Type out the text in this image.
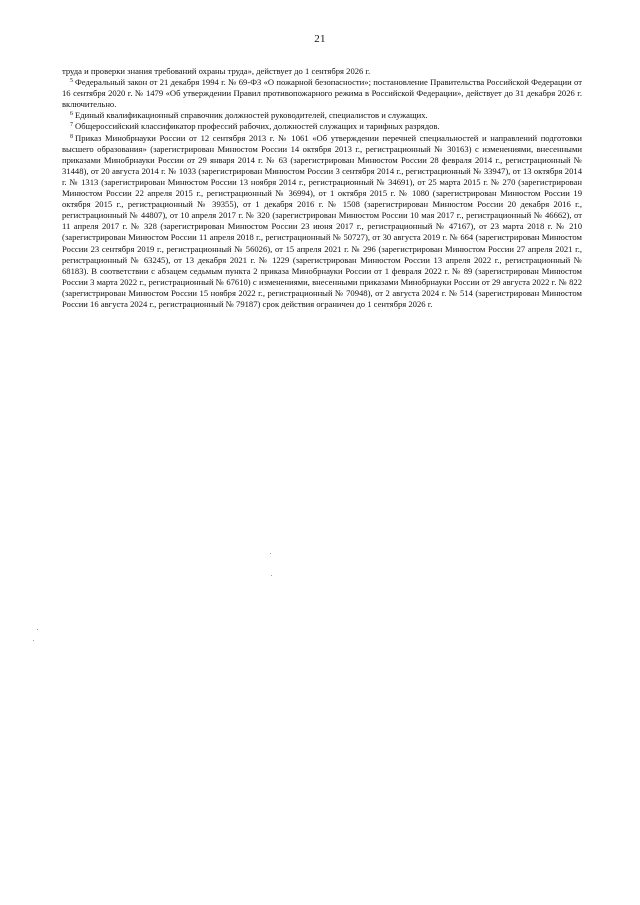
21

труда и проверки знания требований охраны труда», действует до 1 сентября 2026 г.

$^5$ Федеральный закон от 21 декабря 1994 г. № 69-ФЗ «О пожарной безопасности»; постановление Правительства Российской Федерации от 16 сентября 2020 г. № 1479 «Об утверждении Правил противопожарного режима в Российской Федерации», действует до 31 декабря 2026 г. включительно.

$^6$ Единый квалификационный справочник должностей руководителей, специалистов и служащих.

$^7$ Общероссийский классификатор профессий рабочих, должностей служащих и тарифных разрядов.

$^8$ Приказ Минобрнауки России от 12 сентября 2013 г. № 1061 «Об утверждении перечней специальностей и направлений подготовки высшего образования» (зарегистрирован Минюстом России 14 октября 2013 г., регистрационный № 30163) с изменениями, внесенными приказами Минобрнауки России от 29 января 2014 г. № 63 (зарегистрирован Минюстом России 28 февраля 2014 г., регистрационный № 31448), от 20 августа 2014 г. № 1033 (зарегистрирован Минюстом России 3 сентября 2014 г., регистрационный № 33947), от 13 октября 2014 г. № 1313 (зарегистрирован Минюстом России 13 ноября 2014 г., регистрационный № 34691), от 25 марта 2015 г. № 270 (зарегистрирован Минюстом России 22 апреля 2015 г., регистрационный № 36994), от 1 октября 2015 г. № 1080 (зарегистрирован Минюстом России 19 октября 2015 г., регистрационный № 39355), от 1 декабря 2016 г. № 1508 (зарегистрирован Минюстом России 20 декабря 2016 г., регистрационный № 44807), от 10 апреля 2017 г. № 320 (зарегистрирован Минюстом России 10 мая 2017 г., регистрационный № 46662), от 11 апреля 2017 г. № 328 (зарегистрирован Минюстом России 23 июня 2017 г., регистрационный № 47167), от 23 марта 2018 г. № 210 (зарегистрирован Минюстом России 11 апреля 2018 г., регистрационный № 50727), от 30 августа 2019 г. № 664 (зарегистрирован Минюстом России 23 сентября 2019 г., регистрационный № 56026), от 15 апреля 2021 г. № 296 (зарегистрирован Минюстом России 27 апреля 2021 г., регистрационный № 63245), от 13 декабря 2021 г. № 1229 (зарегистрирован Минюстом России 13 апреля 2022 г., регистрационный № 68183). В соответствии с абзацем седьмым пункта 2 приказа Минобрнауки России от 1 февраля 2022 г. № 89 (зарегистрирован Минюстом России 3 марта 2022 г., регистрационный № 67610) с изменениями, внесенными приказами Минобрнауки России от 29 августа 2022 г. № 822 (зарегистрирован Минюстом России 15 ноября 2022 г., регистрационный № 70948), от 2 августа 2024 г. № 514 (зарегистрирован Минюстом России 16 августа 2024 г., регистрационный № 79187) срок действия ограничен до 1 сентября 2026 г.
